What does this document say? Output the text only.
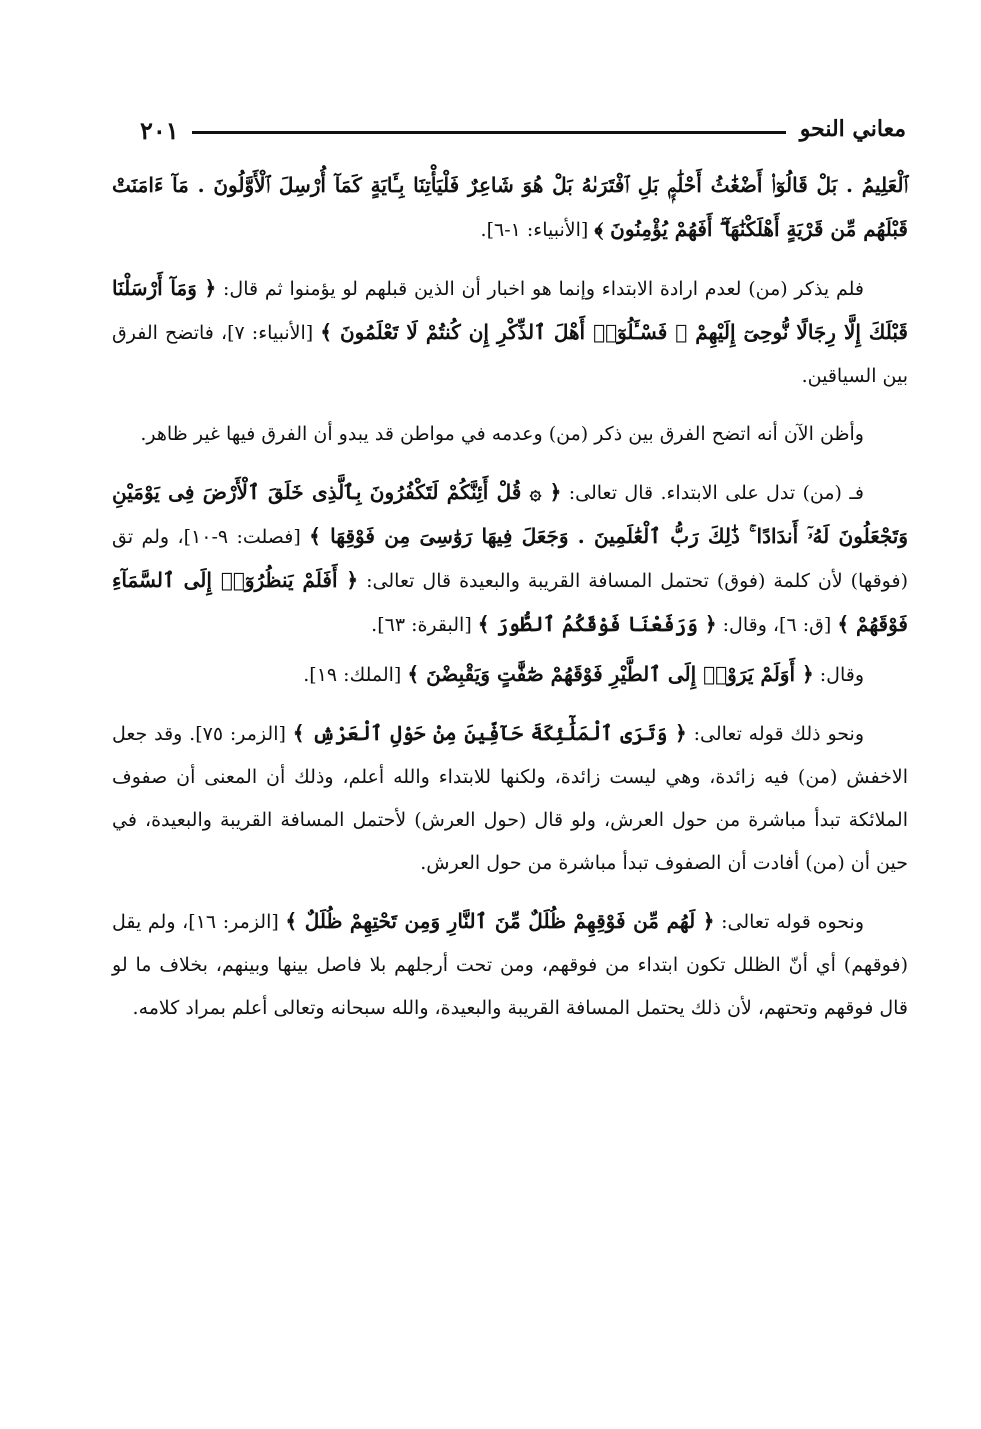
٢٠١	معاني النحو

ٱلْعَلِيمُ . بَلْ قَالُوٓا۟ أَضْغَٰثُ أَحْلَٰمٍۭ بَلِ ٱفْتَرَىٰهُ بَلْ هُوَ شَاعِرٌ فَلْيَأْتِنَا بِـَٔايَةٍ كَمَآ أُرْسِلَ ٱلْأَوَّلُونَ . مَآ ءَامَنَتْ قَبْلَهُم مِّن قَرْيَةٍ أَهْلَكْنَٰهَآ ۖ أَفَهُمْ يُؤْمِنُونَ ﴾ [الأنبياء: ١-٦].

فلم يذكر (من) لعدم ارادة الابتداء وإنما هو اخبار أن الذين قبلهم لو يؤمنوا ثم قال: ﴿ وَمَآ أَرْسَلْنَا قَبْلَكَ إِلَّا رِجَالًا نُّوحِىٓ إِلَيْهِمْ ۖ فَسْـَٔلُوٓا۟ أَهْلَ ٱلذِّكْرِ إِن كُنتُمْ لَا تَعْلَمُونَ ﴾ [الأنبياء: ٧]، فاتضح الفرق بين السياقين.

وأظن الآن أنه اتضح الفرق بين ذكر (من) وعدمه في مواطن قد يبدو أن الفرق فيها غير ظاهر.

فـ (من) تدل على الابتداء. قال تعالى: ﴿ ۞ قُلْ أَئِنَّكُمْ لَتَكْفُرُونَ بِٱلَّذِى خَلَقَ ٱلْأَرْضَ فِى يَوْمَيْنِ وَتَجْعَلُونَ لَهُۥٓ أَندَادًا ۚ ذَٰلِكَ رَبُّ ٱلْعَٰلَمِينَ . وَجَعَلَ فِيهَا رَوَٰسِىَ مِن فَوْقِهَا ﴾ [فصلت: ٩-١٠]، ولم تق (فوقها) لأن كلمة (فوق) تحتمل المسافة القريبة والبعيدة قال تعالى: ﴿ أَفَلَمْ يَنظُرُوٓا۟ إِلَى ٱلسَّمَآءِ فَوْقَهُمْ ﴾ [ق: ٦]، وقال: ﴿ وَرَفَعْنَا فَوْقَكُمُ ٱلطُّورَ ﴾ [البقرة: ٦٣].

وقال: ﴿ أَوَلَمْ يَرَوْا۟ إِلَى ٱلطَّيْرِ فَوْقَهُمْ صَٰٓفَّٰتٍ وَيَقْبِضْنَ ﴾ [الملك: ١٩].

ونحو ذلك قوله تعالى: ﴿ وَتَرَى ٱلْمَلَٰٓئِكَةَ حَآفِّينَ مِنْ حَوْلِ ٱلْعَرْشِ ﴾ [الزمر: ٧٥]. وقد جعل الاخفش (من) فيه زائدة، وهي ليست زائدة، ولكنها للابتداء والله أعلم، وذلك أن المعنى أن صفوف الملائكة تبدأ مباشرة من حول العرش، ولو قال (حول العرش) لأحتمل المسافة القريبة والبعيدة، في حين أن (من) أفادت أن الصفوف تبدأ مباشرة من حول العرش.

ونحوه قوله تعالى: ﴿ لَهُم مِّن فَوْقِهِمْ ظُلَلٌ مِّنَ ٱلنَّارِ وَمِن تَحْتِهِمْ ظُلَلٌ ﴾ [الزمر: ١٦]، ولم يقل (فوقهم) أي أنّ الظلل تكون ابتداء من فوقهم، ومن تحت أرجلهم بلا فاصل بينها وبينهم، بخلاف ما لو قال فوقهم وتحتهم، لأن ذلك يحتمل المسافة القريبة والبعيدة، والله سبحانه وتعالى أعلم بمراد كلامه.
